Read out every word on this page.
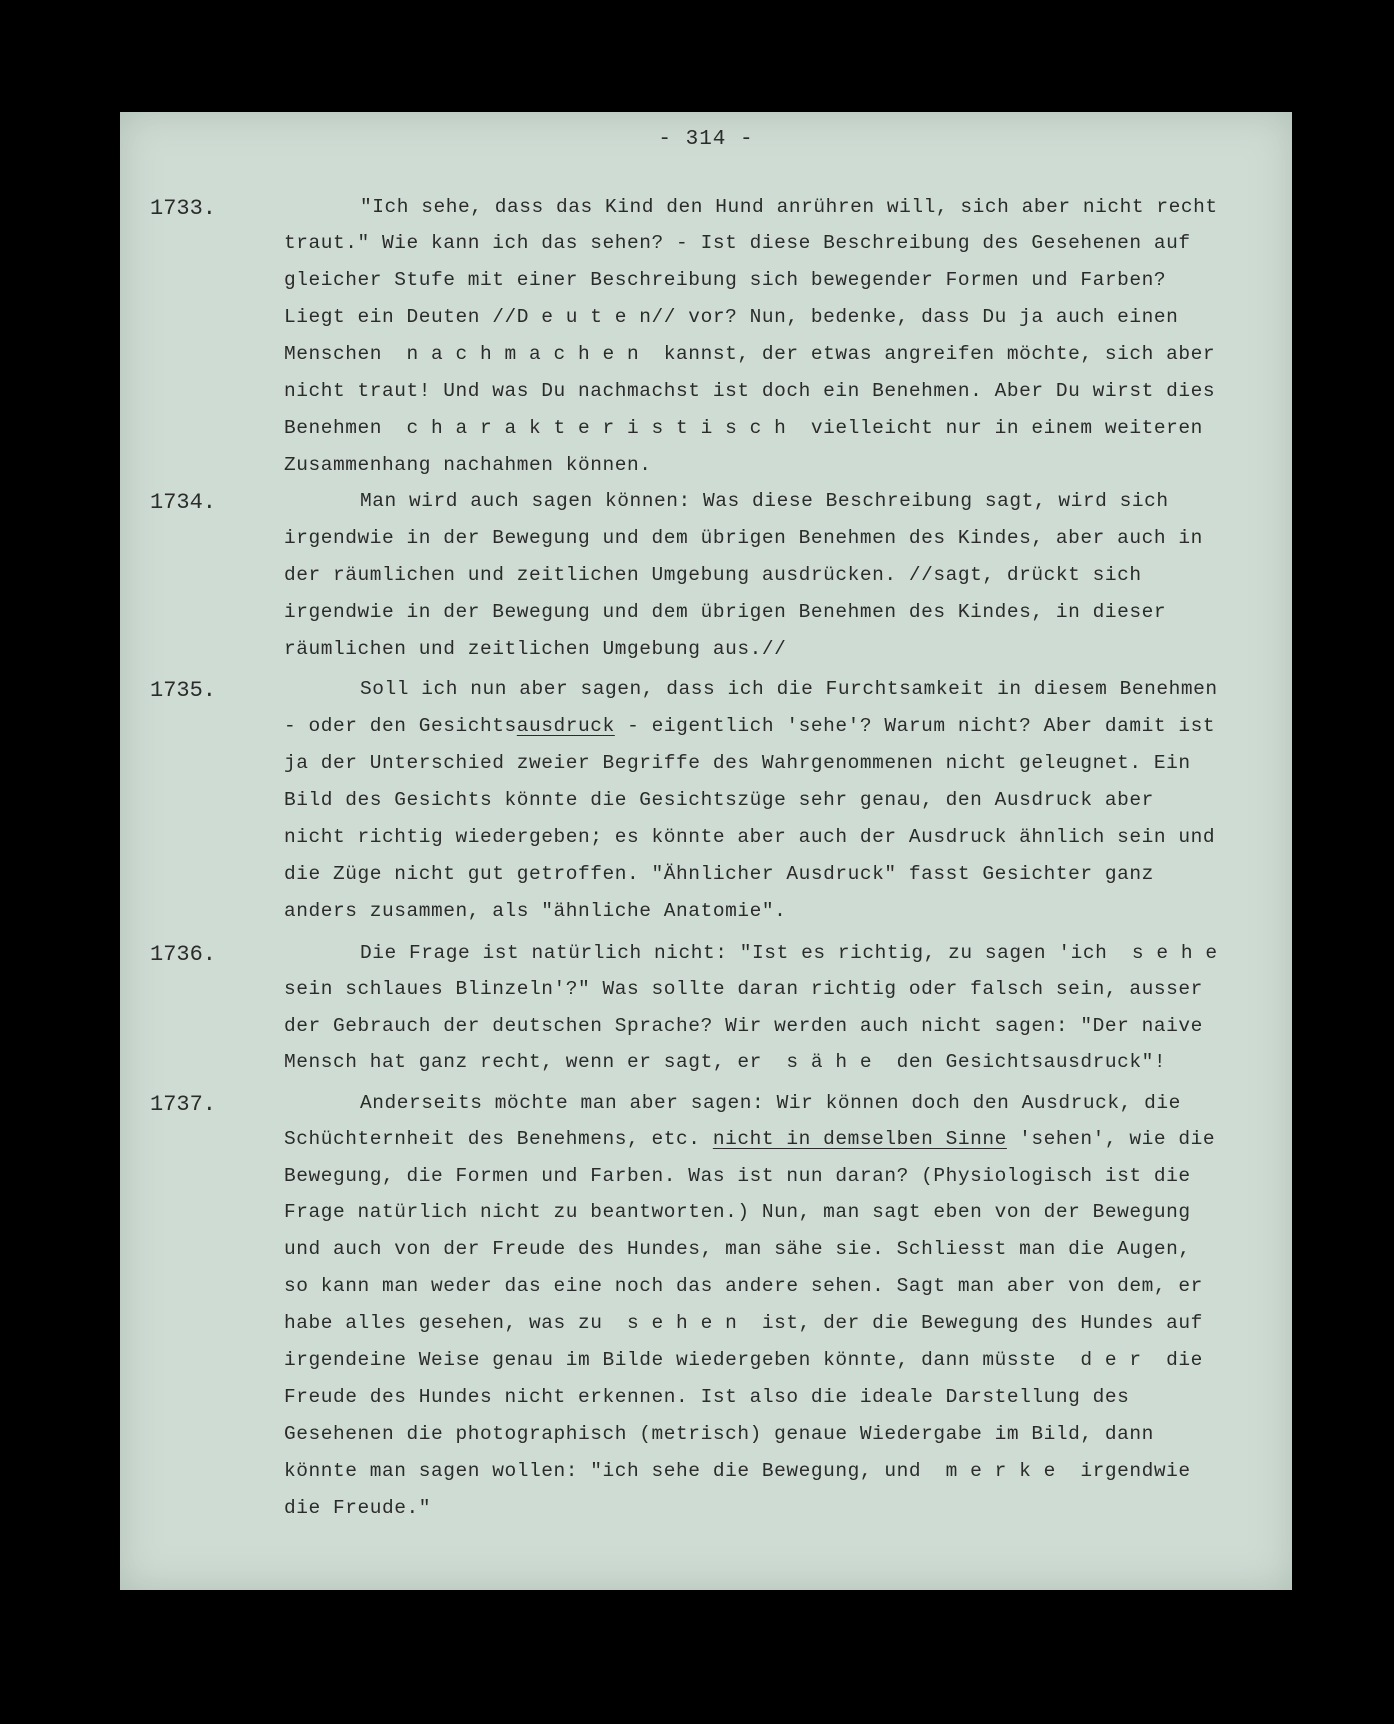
- 314 -
1733.	"Ich sehe, dass das Kind den Hund anrühren will, sich aber nicht recht
traut." Wie kann ich das sehen? - Ist diese Beschreibung des Gesehenen auf
gleicher Stufe mit einer Beschreibung sich bewegender Formen und Farben?
Liegt ein Deuten //D e u t e n// vor? Nun, bedenke, dass Du ja auch einen
Menschen  n a c h m a c h e n  kannst, der etwas angreifen möchte, sich aber
nicht traut! Und was Du nachmachst ist doch ein Benehmen. Aber Du wirst dies
Benehmen  c h a r a k t e r i s t i s c h  vielleicht nur in einem weiteren
Zusammenhang nachahmen können.
1734.	Man wird auch sagen können: Was diese Beschreibung sagt, wird sich
irgendwie in der Bewegung und dem übrigen Benehmen des Kindes, aber auch in
der räumlichen und zeitlichen Umgebung ausdrücken. //sagt, drückt sich
irgendwie in der Bewegung und dem übrigen Benehmen des Kindes, in dieser
räumlichen und zeitlichen Umgebung aus.//
1735.	Soll ich nun aber sagen, dass ich die Furchtsamkeit in diesem Benehmen
- oder den Gesichtsausdruck - eigentlich 'sehe'? Warum nicht? Aber damit ist
ja der Unterschied zweier Begriffe des Wahrgenommenen nicht geleugnet. Ein
Bild des Gesichts könnte die Gesichtszüge sehr genau, den Ausdruck aber
nicht richtig wiedergeben; es könnte aber auch der Ausdruck ähnlich sein und
die Züge nicht gut getroffen. "Ähnlicher Ausdruck" fasst Gesichter ganz
anders zusammen, als "ähnliche Anatomie".
1736.	Die Frage ist natürlich nicht: "Ist es richtig, zu sagen 'ich  s e h e
sein schlaues Blinzeln'?" Was sollte daran richtig oder falsch sein, ausser
der Gebrauch der deutschen Sprache? Wir werden auch nicht sagen: "Der naive
Mensch hat ganz recht, wenn er sagt, er  s ä h e  den Gesichtsausdruck"!
1737.	Anderseits möchte man aber sagen: Wir können doch den Ausdruck, die
Schüchternheit des Benehmens, etc. nicht in demselben Sinne 'sehen', wie die
Bewegung, die Formen und Farben. Was ist nun daran? (Physiologisch ist die
Frage natürlich nicht zu beantworten.) Nun, man sagt eben von der Bewegung
und auch von der Freude des Hundes, man sähe sie. Schliesst man die Augen,
so kann man weder das eine noch das andere sehen. Sagt man aber von dem, er
habe alles gesehen, was zu  s e h e n  ist, der die Bewegung des Hundes auf
irgendeine Weise genau im Bilde wiedergeben könnte, dann müsste  d e r  die
Freude des Hundes nicht erkennen. Ist also die ideale Darstellung des
Gesehenen die photographisch (metrisch) genaue Wiedergabe im Bild, dann
könnte man sagen wollen: "ich sehe die Bewegung, und  m e r k e  irgendwie
die Freude."
